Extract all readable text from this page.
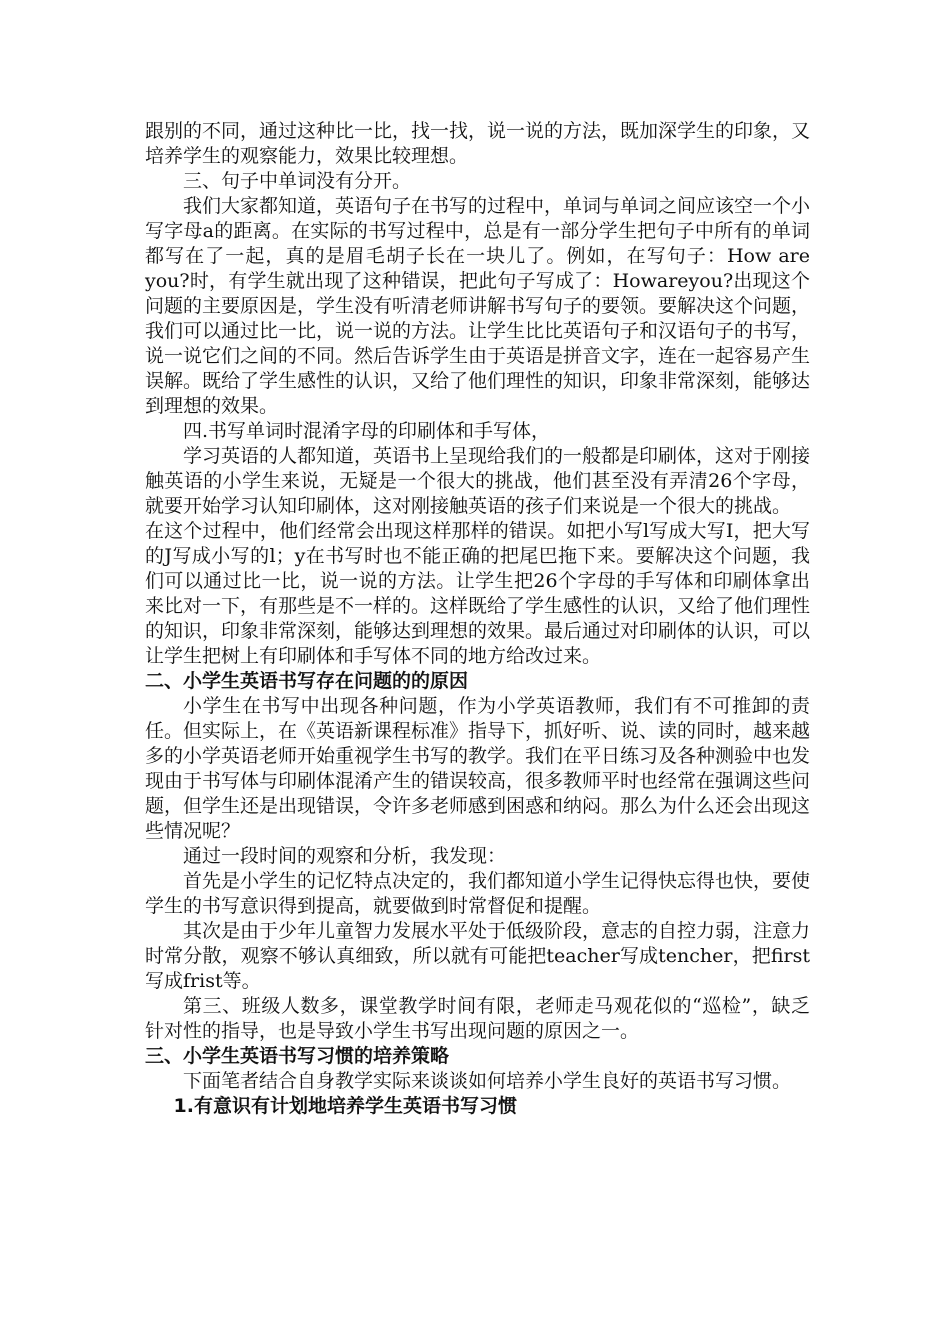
跟别的不同，通过这种比一比，找一找，说一说的方法，既加深学生的印象，又培养学生的观察能力，效果比较理想。

三、句子中单词没有分开。

我们大家都知道，英语句子在书写的过程中，单词与单词之间应该空一个小写字母a的距离。在实际的书写过程中，总是有一部分学生把句子中所有的单词都写在了一起，真的是眉毛胡子长在一块儿了。例如，在写句子：How are you?时，有学生就出现了这种错误，把此句子写成了：Howareyou?出现这个问题的主要原因是，学生没有听清老师讲解书写句子的要领。要解决这个问题，我们可以通过比一比，说一说的方法。让学生比比英语句子和汉语句子的书写，说一说它们之间的不同。然后告诉学生由于英语是拼音文字，连在一起容易产生误解。既给了学生感性的认识，又给了他们理性的知识，印象非常深刻，能够达到理想的效果。

四.书写单词时混淆字母的印刷体和手写体，

学习英语的人都知道，英语书上呈现给我们的一般都是印刷体，这对于刚接触英语的小学生来说，无疑是一个很大的挑战，他们甚至没有弄清26个字母，就要开始学习认知印刷体，这对刚接触英语的孩子们来说是一个很大的挑战。

在这个过程中，他们经常会出现这样那样的错误。如把小写l写成大写I，把大写的J写成小写的l；y在书写时也不能正确的把尾巴拖下来。要解决这个问题，我们可以通过比一比，说一说的方法。让学生把26个字母的手写体和印刷体拿出来比对一下，有那些是不一样的。这样既给了学生感性的认识，又给了他们理性的知识，印象非常深刻，能够达到理想的效果。最后通过对印刷体的认识，可以让学生把树上有印刷体和手写体不同的地方给改过来。

二、小学生英语书写存在问题的的原因

小学生在书写中出现各种问题，作为小学英语教师，我们有不可推卸的责任。但实际上，在《英语新课程标准》指导下，抓好听、说、读的同时，越来越多的小学英语老师开始重视学生书写的教学。我们在平日练习及各种测验中也发现由于书写体与印刷体混淆产生的错误较高，很多教师平时也经常在强调这些问题，但学生还是出现错误，令许多老师感到困惑和纳闷。那么为什么还会出现这些情况呢？

通过一段时间的观察和分析，我发现：

首先是小学生的记忆特点决定的，我们都知道小学生记得快忘得也快，要使学生的书写意识得到提高，就要做到时常督促和提醒。

其次是由于少年儿童智力发展水平处于低级阶段，意志的自控力弱，注意力时常分散，观察不够认真细致，所以就有可能把teacher写成tencher，把first写成frist等。

第三、班级人数多，课堂教学时间有限，老师走马观花似的“巡检”，缺乏针对性的指导，也是导致小学生书写出现问题的原因之一。

三、小学生英语书写习惯的培养策略

下面笔者结合自身教学实际来谈谈如何培养小学生良好的英语书写习惯。

1.有意识有计划地培养学生英语书写习惯
